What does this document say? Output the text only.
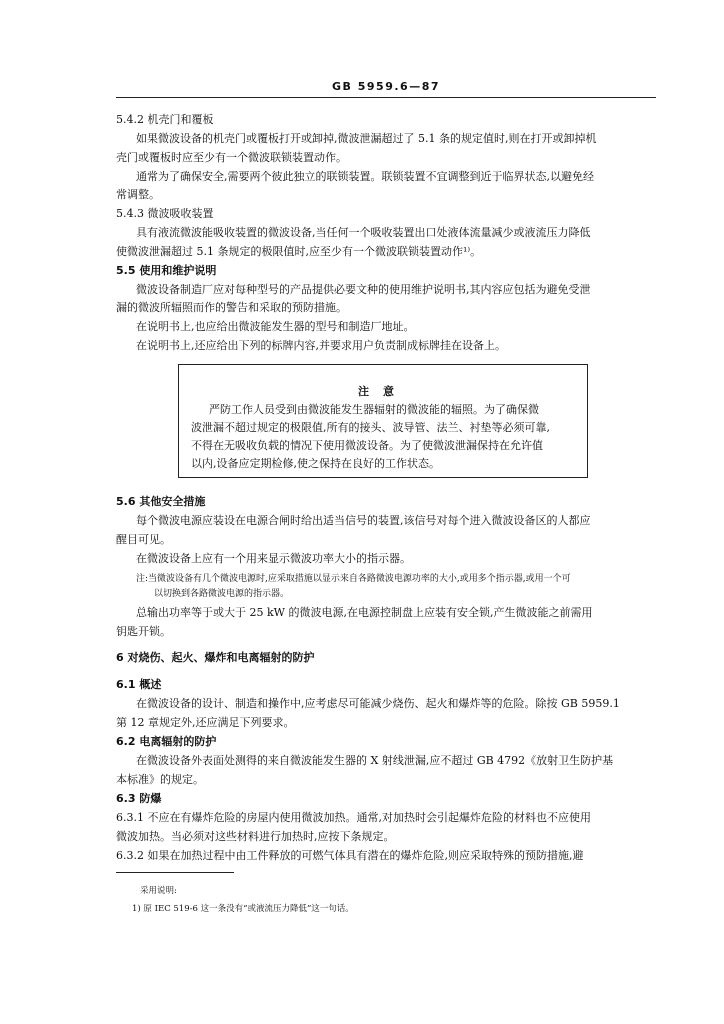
GB 5959.6—87
5.4.2 机壳门和覆板
如果微波设备的机壳门或覆板打开或卸掉,微波泄漏超过了 5.1 条的规定值时,则在打开或卸掉机
壳门或覆板时应至少有一个微波联锁装置动作。
通常为了确保安全,需要两个彼此独立的联锁装置。联锁装置不宜调整到近于临界状态,以避免经
常调整。
5.4.3 微波吸收装置
具有液流微波能吸收装置的微波设备,当任何一个吸收装置出口处液体流量减少或液流压力降低
使微波泄漏超过 5.1 条规定的极限值时,应至少有一个微波联锁装置动作¹⁾。
5.5 使用和维护说明
微波设备制造厂应对每种型号的产品提供必要文种的使用维护说明书,其内容应包括为避免受泄
漏的微波所辐照而作的警告和采取的预防措施。
在说明书上,也应给出微波能发生器的型号和制造厂地址。
在说明书上,还应给出下列的标牌内容,并要求用户负责制成标牌挂在设备上。
注意
严防工作人员受到由微波能发生器辐射的微波能的辐照。为了确保微
波泄漏不超过规定的极限值,所有的接头、波导管、法兰、衬垫等必须可靠,
不得在无吸收负载的情况下使用微波设备。为了使微波泄漏保持在允许值
以内,设备应定期检修,使之保持在良好的工作状态。
5.6 其他安全措施
每个微波电源应装设在电源合闸时给出适当信号的装置,该信号对每个进入微波设备区的人都应
醒目可见。
在微波设备上应有一个用来显示微波功率大小的指示器。
注:当微波设备有几个微波电源时,应采取措施以显示来自各路微波电源功率的大小,或用多个指示器,或用一个可
以切换到各路微波电源的指示器。
总输出功率等于或大于 25 kW 的微波电源,在电源控制盘上应装有安全锁,产生微波能之前需用
钥匙开锁。
6 对烧伤、起火、爆炸和电离辐射的防护
6.1 概述
在微波设备的设计、制造和操作中,应考虑尽可能减少烧伤、起火和爆炸等的危险。除按 GB 5959.1
第 12 章规定外,还应满足下列要求。
6.2 电离辐射的防护
在微波设备外表面处测得的来自微波能发生器的 X 射线泄漏,应不超过 GB 4792《放射卫生防护基
本标准》的规定。
6.3 防爆
6.3.1 不应在有爆炸危险的房屋内使用微波加热。通常,对加热时会引起爆炸危险的材料也不应使用
微波加热。当必须对这些材料进行加热时,应按下条规定。
6.3.2 如果在加热过程中由工件释放的可燃气体具有潜在的爆炸危险,则应采取特殊的预防措施,避
采用说明:
1) 原 IEC 519-6 这一条没有“或液流压力降低”这一句话。
